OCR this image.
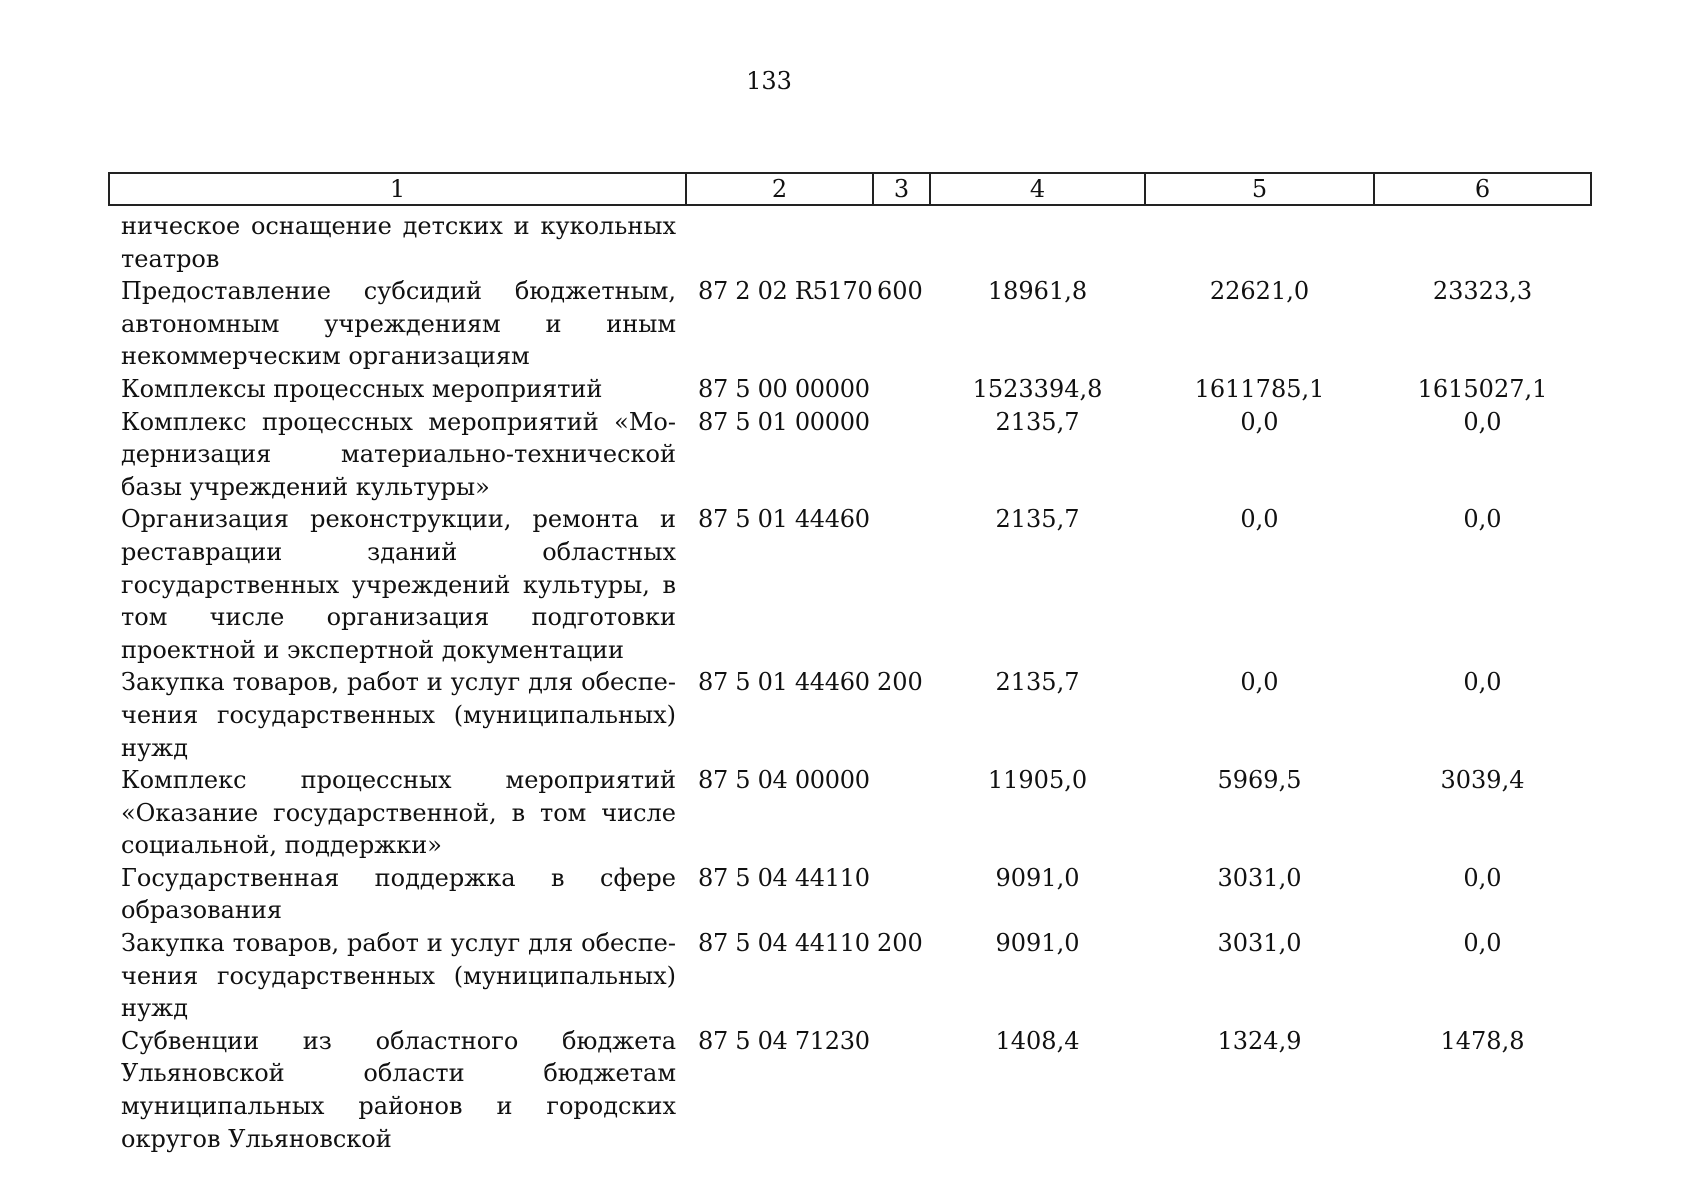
133
1	2	3	4	5	6
ническое оснащение детских и кукольных театров					
Предоставление субсидий бюджетным, автономным учреждениям и иным некоммерческим организациям	87 2 02 R5170	600	18961,8	22621,0	23323,3
Комплексы процессных мероприятий	87 5 00 00000		1523394,8	1611785,1	1615027,1
Комплекс процессных мероприятий «Модернизация материально-технической базы учреждений культуры»	87 5 01 00000		2135,7	0,0	0,0
Организация реконструкции, ремонта и реставрации зданий областных государственных учреждений культуры, в том числе организация подготовки проектной и экспертной документации	87 5 01 44460		2135,7	0,0	0,0
Закупка товаров, работ и услуг для обеспечения государственных (муниципальных) нужд	87 5 01 44460	200	2135,7	0,0	0,0
Комплекс процессных мероприятий «Оказание государственной, в том числе социальной, поддержки»	87 5 04 00000		11905,0	5969,5	3039,4
Государственная поддержка в сфере образования	87 5 04 44110		9091,0	3031,0	0,0
Закупка товаров, работ и услуг для обеспечения государственных (муниципальных) нужд	87 5 04 44110	200	9091,0	3031,0	0,0
Субвенции из областного бюджета Ульяновской области бюджетам муниципальных районов и городских округов Ульяновской	87 5 04 71230		1408,4	1324,9	1478,8
